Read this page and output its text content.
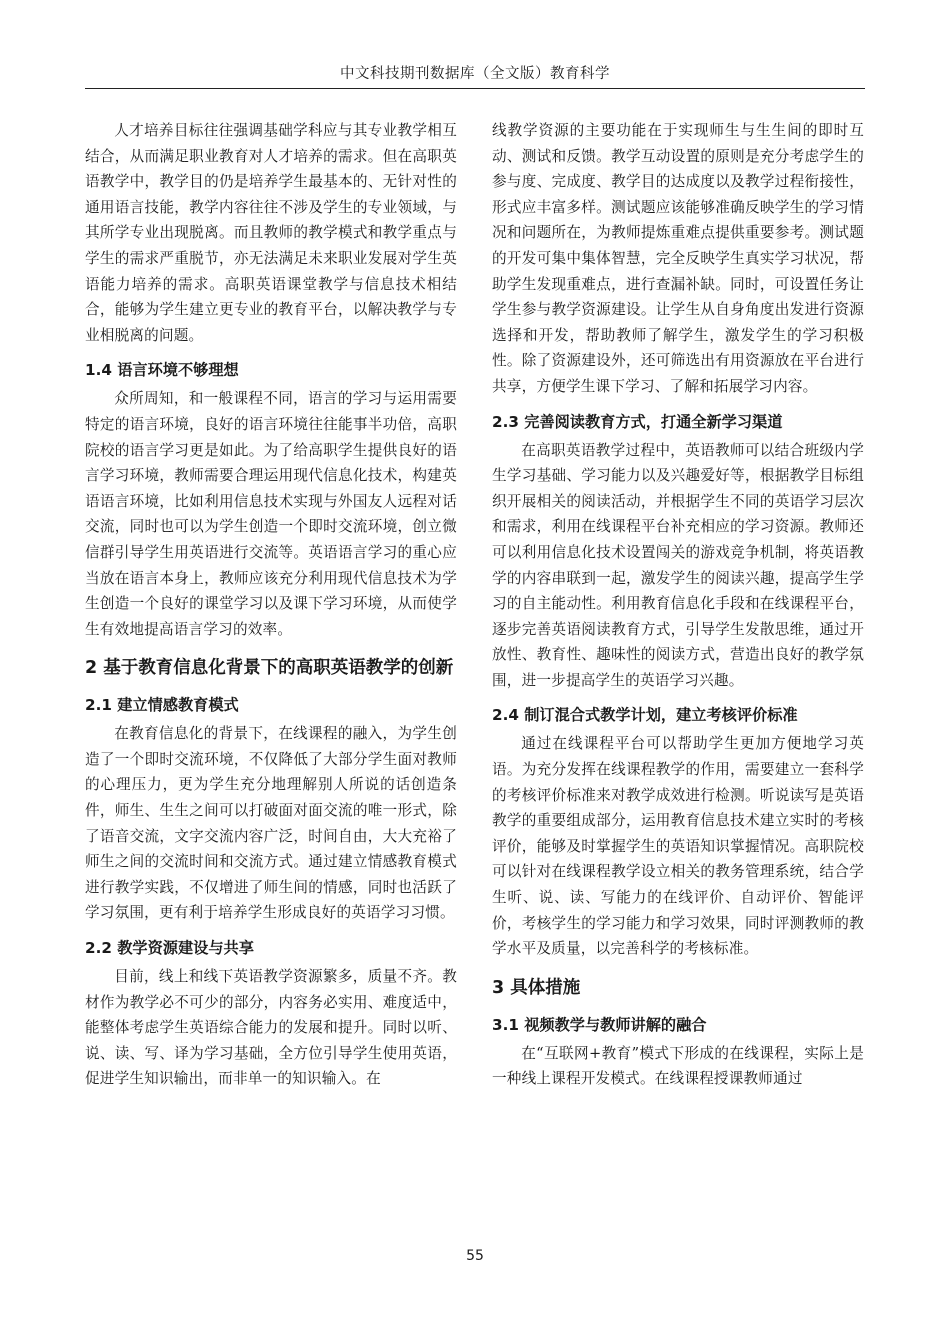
中文科技期刊数据库（全文版）教育科学

人才培养目标往往强调基础学科应与其专业教学相互结合，从而满足职业教育对人才培养的需求。但在高职英语教学中，教学目的仍是培养学生最基本的、无针对性的通用语言技能，教学内容往往不涉及学生的专业领域，与其所学专业出现脱离。而且教师的教学模式和教学重点与学生的需求严重脱节，亦无法满足未来职业发展对学生英语能力培养的需求。高职英语课堂教学与信息技术相结合，能够为学生建立更专业的教育平台，以解决教学与专业相脱离的问题。

1.4 语言环境不够理想

众所周知，和一般课程不同，语言的学习与运用需要特定的语言环境，良好的语言环境往往能事半功倍，高职院校的语言学习更是如此。为了给高职学生提供良好的语言学习环境，教师需要合理运用现代信息化技术，构建英语语言环境，比如利用信息技术实现与外国友人远程对话交流，同时也可以为学生创造一个即时交流环境，创立微信群引导学生用英语进行交流等。英语语言学习的重心应当放在语言本身上，教师应该充分利用现代信息技术为学生创造一个良好的课堂学习以及课下学习环境，从而使学生有效地提高语言学习的效率。

2 基于教育信息化背景下的高职英语教学的创新
2.1 建立情感教育模式

在教育信息化的背景下，在线课程的融入，为学生创造了一个即时交流环境，不仅降低了大部分学生面对教师的心理压力，更为学生充分地理解别人所说的话创造条件，师生、生生之间可以打破面对面交流的唯一形式，除了语音交流，文字交流内容广泛，时间自由，大大充裕了师生之间的交流时间和交流方式。通过建立情感教育模式进行教学实践，不仅增进了师生间的情感，同时也活跃了学习氛围，更有利于培养学生形成良好的英语学习习惯。

2.2 教学资源建设与共享

目前，线上和线下英语教学资源繁多，质量不齐。教材作为教学必不可少的部分，内容务必实用、难度适中，能整体考虑学生英语综合能力的发展和提升。同时以听、说、读、写、译为学习基础，全方位引导学生使用英语，促进学生知识输出，而非单一的知识输入。在

线教学资源的主要功能在于实现师生与生生间的即时互动、测试和反馈。教学互动设置的原则是充分考虑学生的参与度、完成度、教学目的达成度以及教学过程衔接性，形式应丰富多样。测试题应该能够准确反映学生的学习情况和问题所在，为教师提炼重难点提供重要参考。测试题的开发可集中集体智慧，完全反映学生真实学习状况，帮助学生发现重难点，进行查漏补缺。同时，可设置任务让学生参与教学资源建设。让学生从自身角度出发进行资源选择和开发，帮助教师了解学生，激发学生的学习积极性。除了资源建设外，还可筛选出有用资源放在平台进行共享，方便学生课下学习、了解和拓展学习内容。

2.3 完善阅读教育方式，打通全新学习渠道

在高职英语教学过程中，英语教师可以结合班级内学生学习基础、学习能力以及兴趣爱好等，根据教学目标组织开展相关的阅读活动，并根据学生不同的英语学习层次和需求，利用在线课程平台补充相应的学习资源。教师还可以利用信息化技术设置闯关的游戏竞争机制，将英语教学的内容串联到一起，激发学生的阅读兴趣，提高学生学习的自主能动性。利用教育信息化手段和在线课程平台，逐步完善英语阅读教育方式，引导学生发散思维，通过开放性、教育性、趣味性的阅读方式，营造出良好的教学氛围，进一步提高学生的英语学习兴趣。

2.4 制订混合式教学计划，建立考核评价标准

通过在线课程平台可以帮助学生更加方便地学习英语。为充分发挥在线课程教学的作用，需要建立一套科学的考核评价标准来对教学成效进行检测。听说读写是英语教学的重要组成部分，运用教育信息技术建立实时的考核评价，能够及时掌握学生的英语知识掌握情况。高职院校可以针对在线课程教学设立相关的教务管理系统，结合学生听、说、读、写能力的在线评价、自动评价、智能评价，考核学生的学习能力和学习效果，同时评测教师的教学水平及质量，以完善科学的考核标准。

3 具体措施
3.1 视频教学与教师讲解的融合

在“互联网+教育”模式下形成的在线课程，实际上是一种线上课程开发模式。在线课程授课教师通过

55
